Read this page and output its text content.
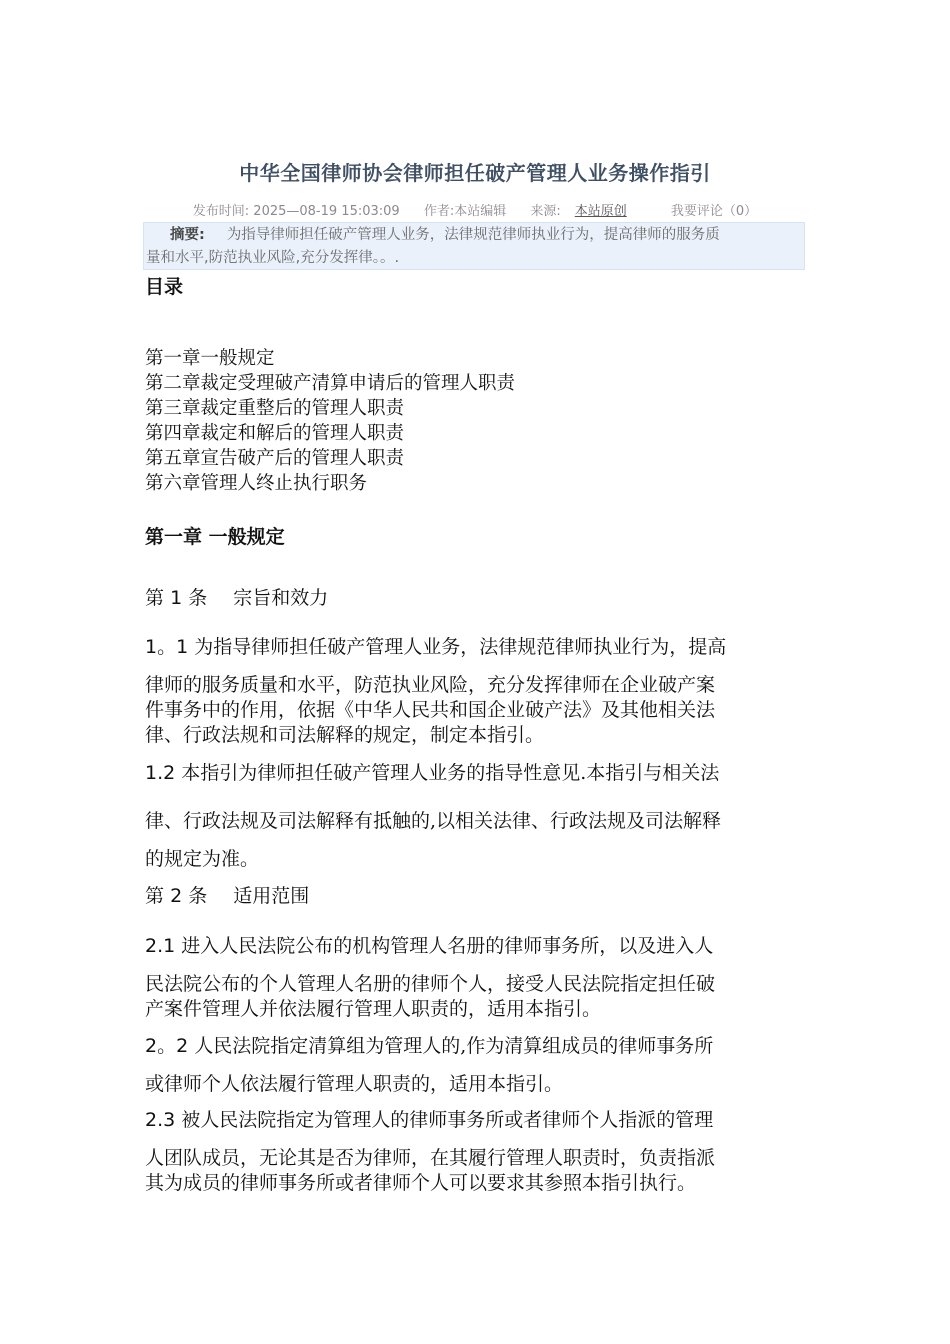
中华全国律师协会律师担任破产管理人业务操作指引
发布时间: 2025—08-19 15:03:09 作者:本站编辑 来源: 本站原创	我要评论（0）
摘要: 为指导律师担任破产管理人业务，法律规范律师执业行为，提高律师的服务质
量和水平,防范执业风险,充分发挥律。。.
目录
第一章一般规定
第二章裁定受理破产清算申请后的管理人职责
第三章裁定重整后的管理人职责
第四章裁定和解后的管理人职责
第五章宣告破产后的管理人职责
第六章管理人终止执行职务
第一章 一般规定
第 1 条 宗旨和效力
1。1 为指导律师担任破产管理人业务，法律规范律师执业行为，提高
律师的服务质量和水平，防范执业风险，充分发挥律师在企业破产案
件事务中的作用，依据《中华人民共和国企业破产法》及其他相关法
律、行政法规和司法解释的规定，制定本指引。
1.2 本指引为律师担任破产管理人业务的指导性意见.本指引与相关法
律、行政法规及司法解释有抵触的,以相关法律、行政法规及司法解释
的规定为准。
第 2 条 适用范围
2.1 进入人民法院公布的机构管理人名册的律师事务所，以及进入人
民法院公布的个人管理人名册的律师个人，接受人民法院指定担任破
产案件管理人并依法履行管理人职责的，适用本指引。
2。2 人民法院指定清算组为管理人的,作为清算组成员的律师事务所
或律师个人依法履行管理人职责的，适用本指引。
2.3 被人民法院指定为管理人的律师事务所或者律师个人指派的管理
人团队成员，无论其是否为律师，在其履行管理人职责时，负责指派
其为成员的律师事务所或者律师个人可以要求其参照本指引执行。
